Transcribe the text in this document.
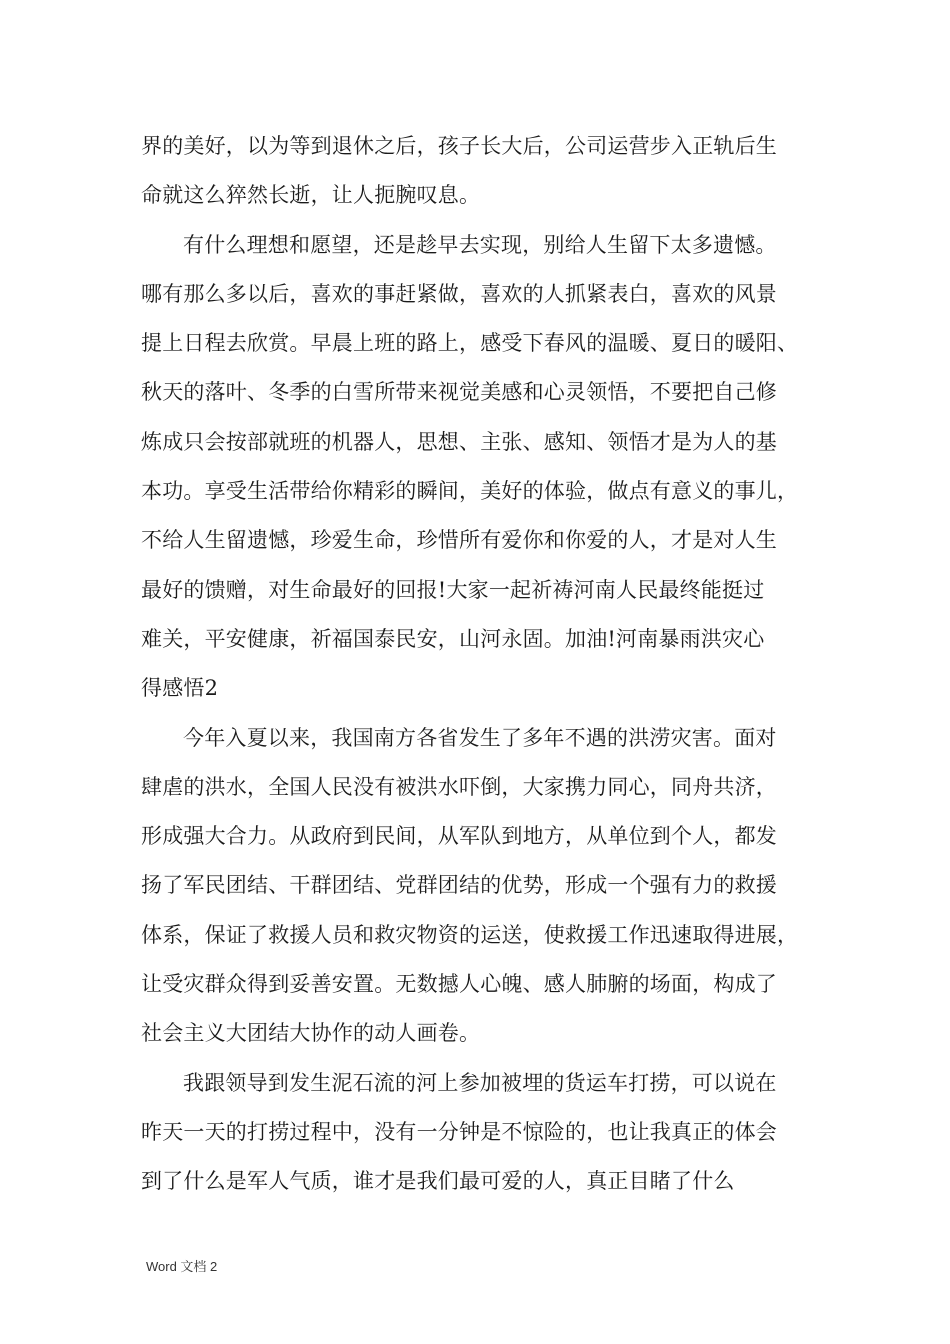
界的美好，以为等到退休之后，孩子长大后，公司运营步入正轨后生
命就这么猝然长逝，让人扼腕叹息。
有什么理想和愿望，还是趁早去实现，别给人生留下太多遗憾。
哪有那么多以后，喜欢的事赶紧做，喜欢的人抓紧表白，喜欢的风景
提上日程去欣赏。早晨上班的路上，感受下春风的温暖、夏日的暖阳、
秋天的落叶、冬季的白雪所带来视觉美感和心灵领悟，不要把自己修
炼成只会按部就班的机器人，思想、主张、感知、领悟才是为人的基
本功。享受生活带给你精彩的瞬间，美好的体验，做点有意义的事儿，
不给人生留遗憾，珍爱生命，珍惜所有爱你和你爱的人，才是对人生
最好的馈赠，对生命最好的回报!大家一起祈祷河南人民最终能挺过
难关，平安健康，祈福国泰民安，山河永固。加油!河南暴雨洪灾心
得感悟2
今年入夏以来，我国南方各省发生了多年不遇的洪涝灾害。面对
肆虐的洪水，全国人民没有被洪水吓倒，大家携力同心，同舟共济，
形成强大合力。从政府到民间，从军队到地方，从单位到个人，都发
扬了军民团结、干群团结、党群团结的优势，形成一个强有力的救援
体系，保证了救援人员和救灾物资的运送，使救援工作迅速取得进展，
让受灾群众得到妥善安置。无数撼人心魄、感人肺腑的场面，构成了
社会主义大团结大协作的动人画卷。
我跟领导到发生泥石流的河上参加被埋的货运车打捞，可以说在
昨天一天的打捞过程中，没有一分钟是不惊险的，也让我真正的体会
到了什么是军人气质，谁才是我们最可爱的人，真正目睹了什么
Word 文档 2
